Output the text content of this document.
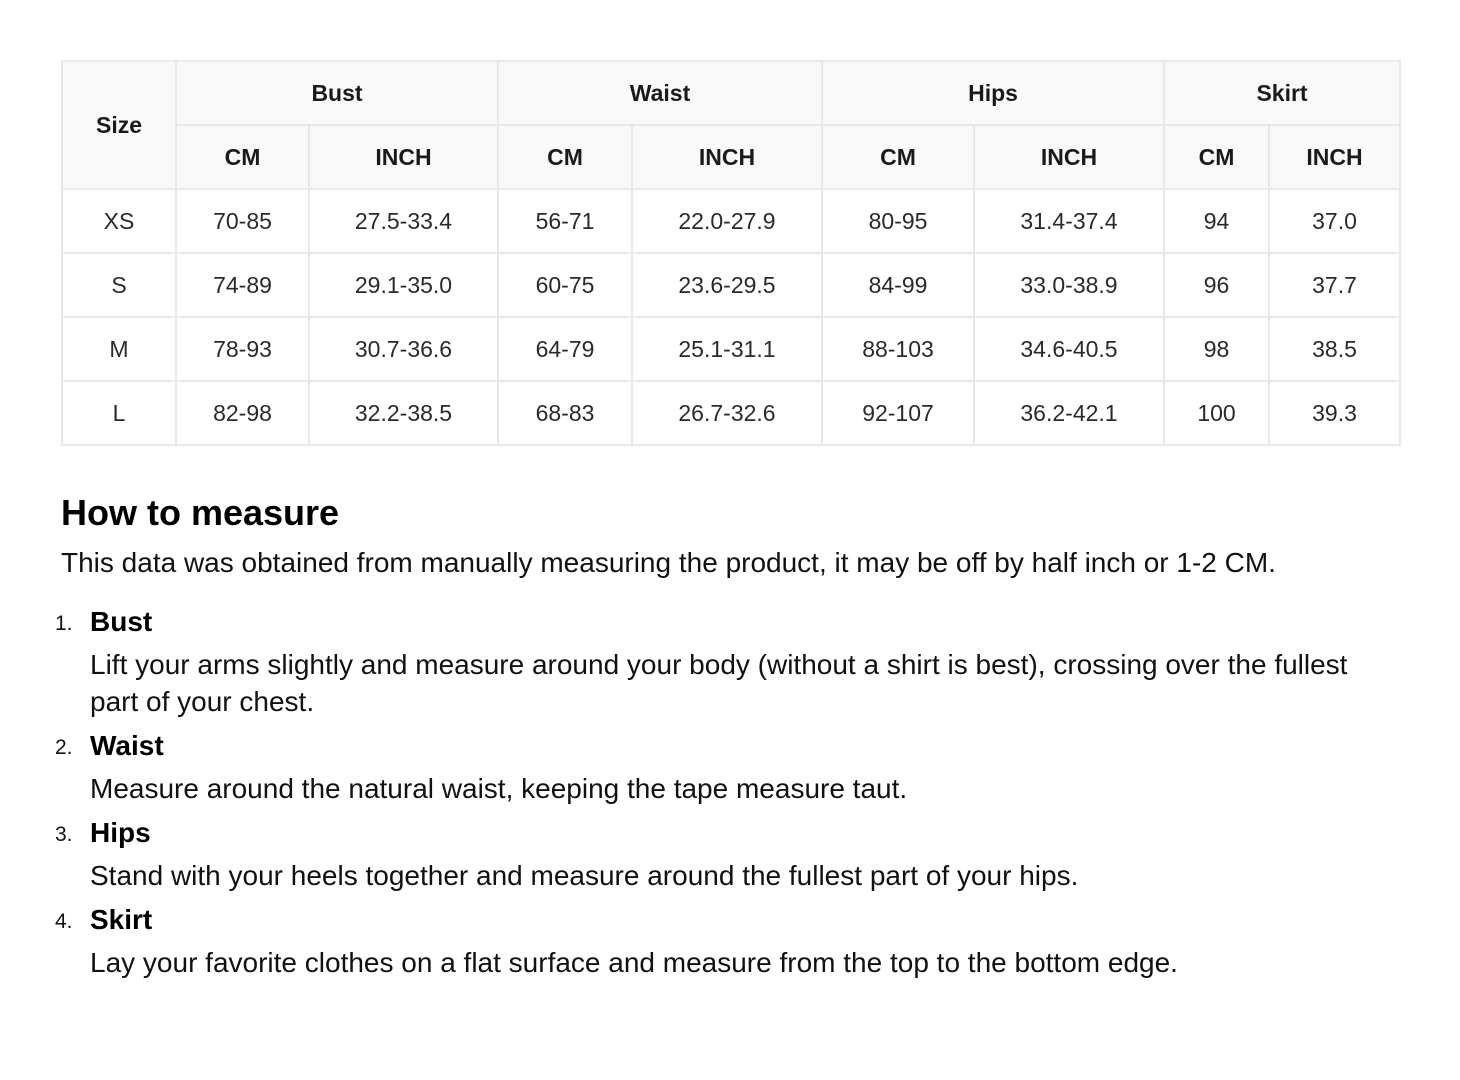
Size	Bust		Waist		Hips		Skirt	
	CM	INCH	CM	INCH	CM	INCH	CM	INCH
XS	70-85	27.5-33.4	56-71	22.0-27.9	80-95	31.4-37.4	94	37.0
S	74-89	29.1-35.0	60-75	23.6-29.5	84-99	33.0-38.9	96	37.7
M	78-93	30.7-36.6	64-79	25.1-31.1	88-103	34.6-40.5	98	38.5
L	82-98	32.2-38.5	68-83	26.7-32.6	92-107	36.2-42.1	100	39.3
How to measure

This data was obtained from manually measuring the product, it may be off by half inch or 1-2 CM.

1. Bust
Lift your arms slightly and measure around your body (without a shirt is best), crossing over the fullest part of your chest.
2. Waist
Measure around the natural waist, keeping the tape measure taut.
3. Hips
Stand with your heels together and measure around the fullest part of your hips.
4. Skirt
Lay your favorite clothes on a flat surface and measure from the top to the bottom edge.
